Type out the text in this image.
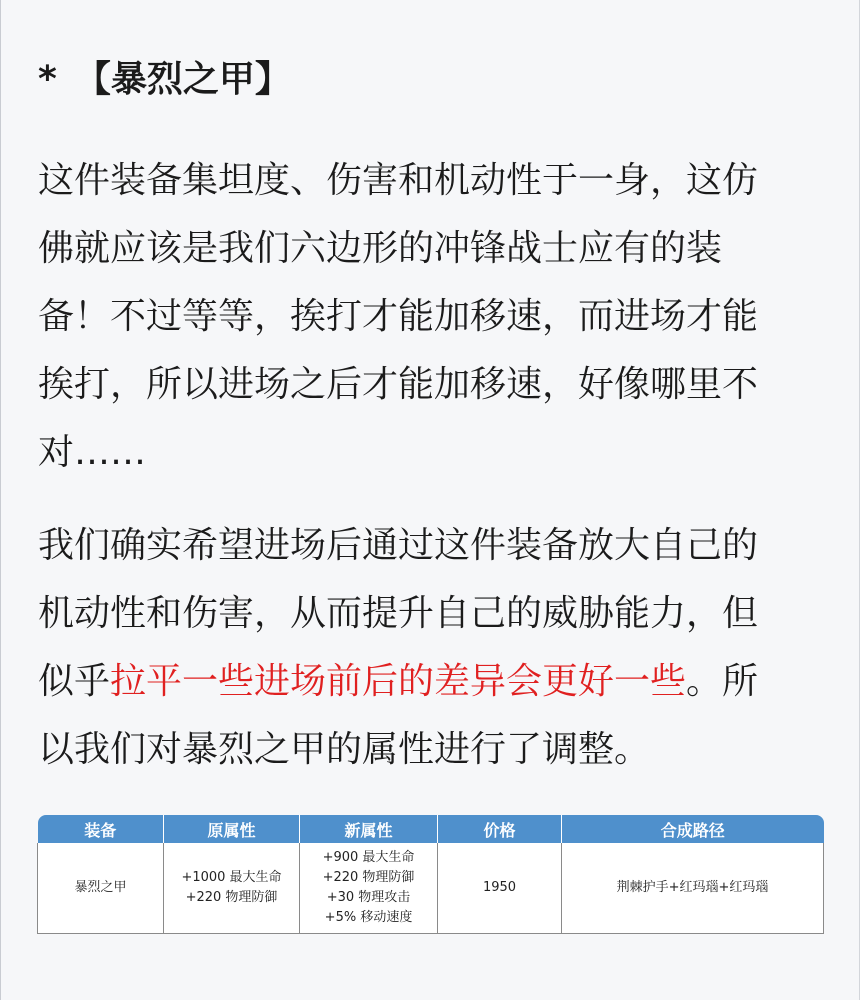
* 【暴烈之甲】

这件装备集坦度、伤害和机动性于一身，这仿
佛就应该是我们六边形的冲锋战士应有的装
备！不过等等，挨打才能加移速，而进场才能
挨打，所以进场之后才能加移速，好像哪里不
对……

我们确实希望进场后通过这件装备放大自己的
机动性和伤害，从而提升自己的威胁能力，但
似乎拉平一些进场前后的差异会更好一些。所
以我们对暴烈之甲的属性进行了调整。

装备	原属性	新属性	价格	合成路径
暴烈之甲	+1000 最大生命
+220 物理防御	+900 最大生命
+220 物理防御
+30 物理攻击
+5% 移动速度	1950	荆棘护手+红玛瑙+红玛瑙
